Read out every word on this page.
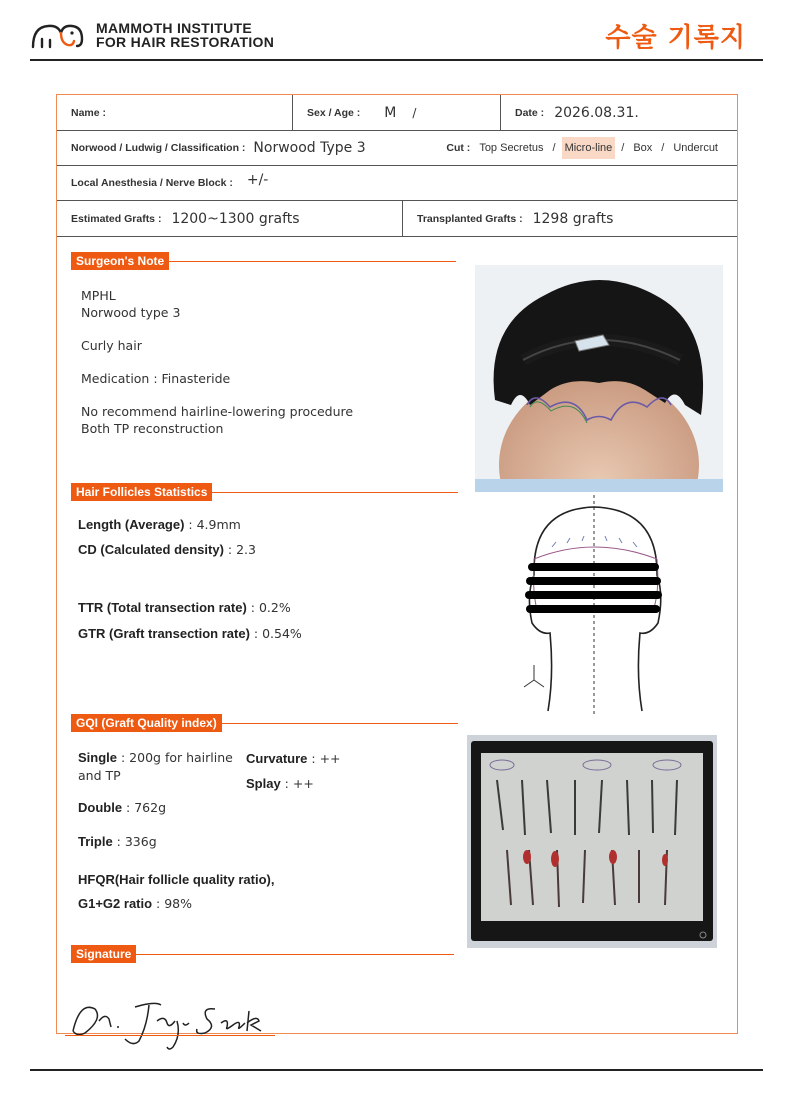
MAMMOTH INSTITUTE
FOR HAIR RESTORATION	수술 기록지
Name :	Sex / Age : M /	Date : 2026.08.31.
Norwood / Ludwig / Classification : Norwood Type 3	Cut : Top Secretus / Micro-line / Box / Undercut
Local Anesthesia / Nerve Block : +/-
Estimated Grafts : 1200~1300 grafts	Transplanted Grafts : 1298 grafts
Surgeon's Note
MPHL
Norwood type 3
Curly hair
Medication : Finasteride
No recommend hairline-lowering procedure
Both TP reconstruction
Hair Follicles Statistics
Length (Average) : 4.9mm
CD (Calculated density) : 2.3
TTR (Total transection rate) : 0.2%
GTR (Graft transection rate) : 0.54%
GQI (Graft Quality index)
Single : 200g for hairline
and TP
Curvature : ++
Splay : ++
Double : 762g
Triple : 336g
HFQR(Hair follicle quality ratio),
G1+G2 ratio : 98%
Signature
